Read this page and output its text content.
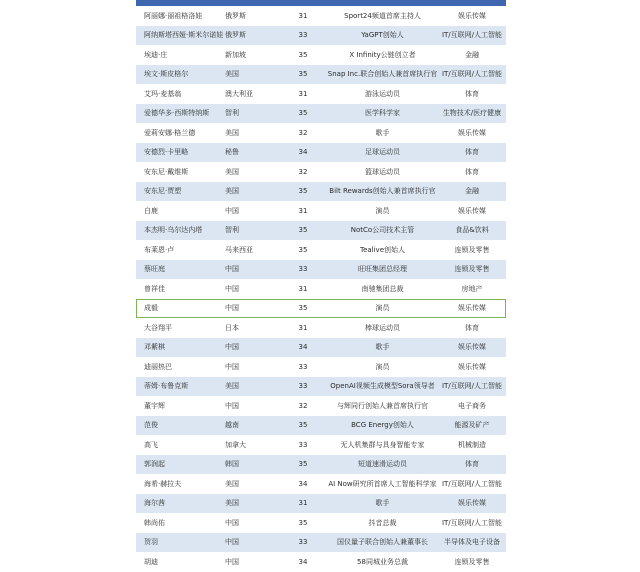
阿丽娜·丽祖格洛娃	俄罗斯	31	Sport24频道首席主持人	娱乐传媒
阿纳斯塔西娅·斯米尔诺娃 俄罗斯	33	YaGPT创始人	IT/互联网/人工智能
埃迪·庄	新加坡	35	X Infinity公链创立者	金融
埃文·斯皮格尔	美国	35	Snap Inc.联合创始人兼首席执行官 IT/互联网/人工智能
艾玛·麦基翁	澳大利亚	31	游泳运动员	体育
爱德华多·西斯特纳斯	智利	35	医学科学家	生物技术/医疗健康
爱莉安娜·格兰德	美国	32	歌手	娱乐传媒
安德烈·卡里略	秘鲁	34	足球运动员	体育
安东尼·戴维斯	美国	32	篮球运动员	体育
安东尼·贾塑	美国	35	Bilt Rewards创始人兼首席执行官	金融
白鹿	中国	31	演员	娱乐传媒
本杰明·乌尔达内塔	智利	35	NotCo公司技术主管	食品&饮料
布莱恩·卢	马来西亚	35	Tealive创始人	连锁及零售
蔡旺庭	中国	33	旺旺集团总经理	连锁及零售
曾祥佳	中国	31	南驰集团总裁	房地产
成毅	中国	35	演员	娱乐传媒
大谷翔平	日本	31	棒球运动员	体育
邓紫棋	中国	34	歌手	娱乐传媒
迪丽热巴	中国	33	演员	娱乐传媒
蒂姆·布鲁克斯	美国	33	OpenAI视频生成模型Sora领导者	IT/互联网/人工智能
董宇辉	中国	32	与辉同行创始人兼首席执行官	电子商务
范俊	越南	35	BCG Energy创始人	能源及矿产
高飞	加拿大	33	无人机集群与具身智能专家	机械制造
郭润起	韩国	35	短道速滑运动员	体育
海希·赫拉夫	美国	34	AI Now研究所首席人工智能科学家 IT/互联网/人工智能
海尔茜	美国	31	歌手	娱乐传媒
韩尚佑	中国	35	抖音总裁	IT/互联网/人工智能
贺羽	中国	33	国仪量子联合创始人兼董事长	半导体及电子设备
胡迪	中国	34	58同城业务总裁	连锁及零售
